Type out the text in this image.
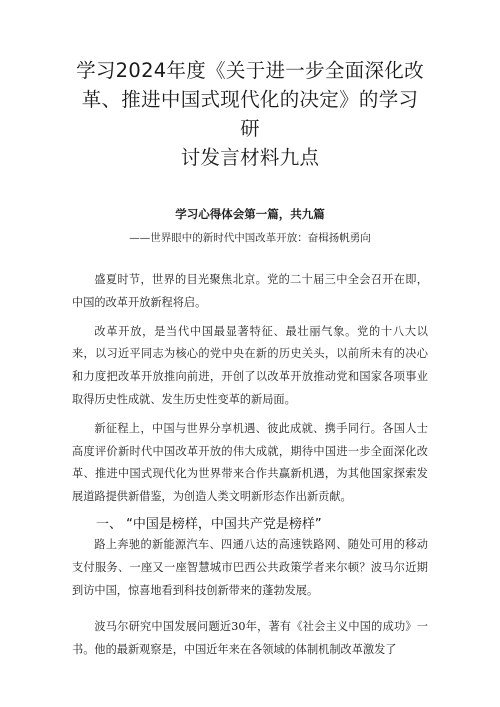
学习2024年度《关于进一步全面深化改
革、推进中国式现代化的决定》的学习研
讨发言材料九点
学习心得体会第一篇，共九篇
——世界眼中的新时代中国改革开放：奋楫扬帆勇向

盛夏时节，世界的目光聚焦北京。党的二十届三中全会召开在即，中国的改革开放新程将启。

改革开放，是当代中国最显著特征、最壮丽气象。党的十八大以来，以习近平同志为核心的党中央在新的历史关头，以前所未有的决心和力度把改革开放推向前进，开创了以改革开放推动党和国家各项事业取得历史性成就、发生历史性变革的新局面。

新征程上，中国与世界分享机遇、彼此成就、携手同行。各国人士高度评价新时代中国改革开放的伟大成就，期待中国进一步全面深化改革、推进中国式现代化为世界带来合作共赢新机遇，为其他国家探索发展道路提供新借鉴，为创造人类文明新形态作出新贡献。

一、 “中国是榜样，中国共产党是榜样”

路上奔驰的新能源汽车、四通八达的高速铁路网、随处可用的移动支付服务、一座又一座智慧城市巴西公共政策学者来尔顿？波马尔近期到访中国，惊喜地看到科技创新带来的蓬勃发展。

波马尔研究中国发展问题近30年，著有《社会主义中国的成功》一书。他的最新观察是，中国近年来在各领域的体制机制改革激发了
